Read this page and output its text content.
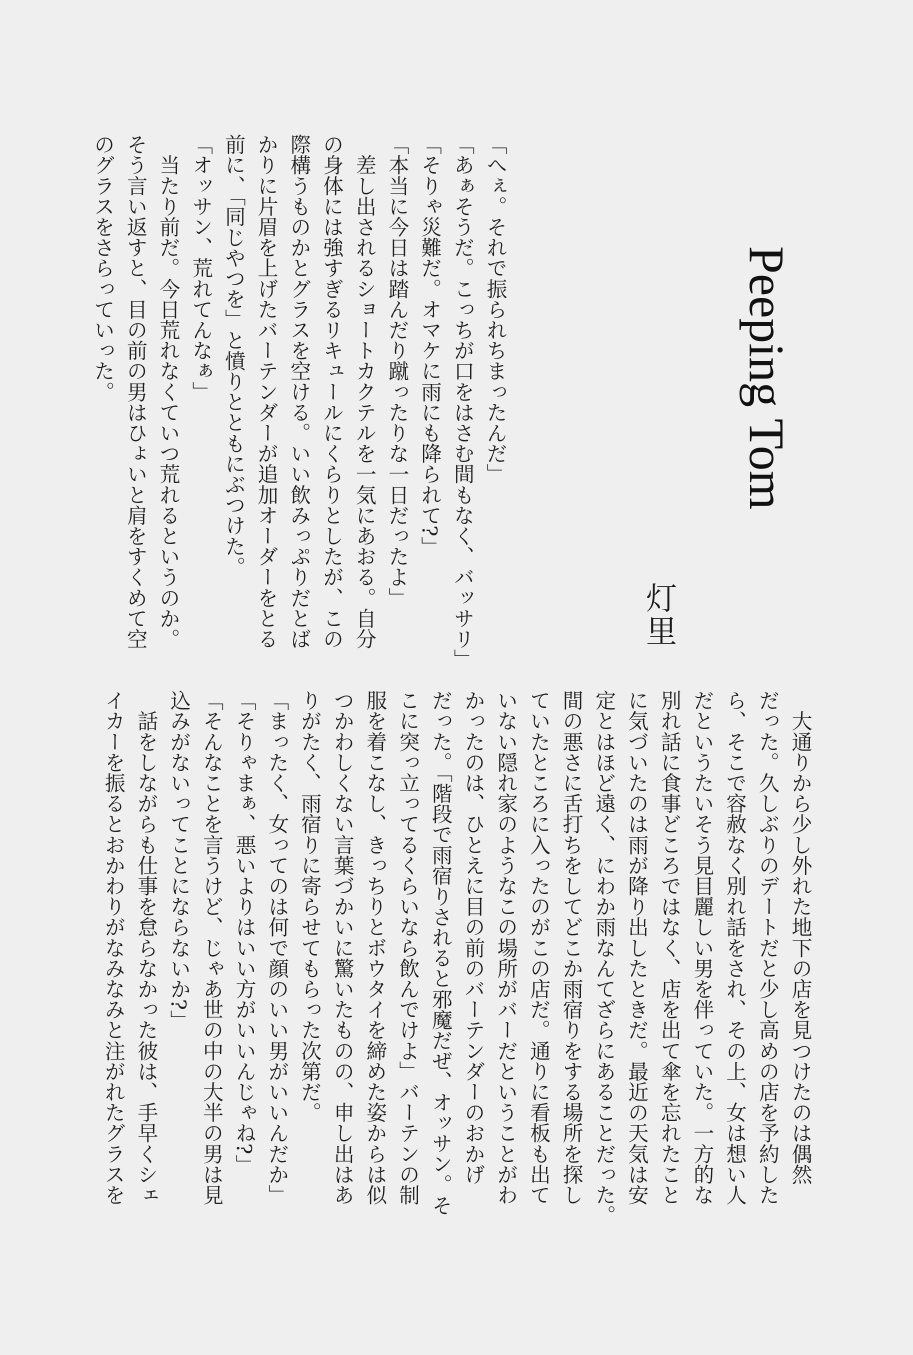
Peeping Tom
灯里
「へぇ。それで振られちまったんだ」
「あぁそうだ。こっちが口をはさむ間もなく、バッサリ」
「そりゃ災難だ。オマケに雨にも降られて?」
「本当に今日は踏んだり蹴ったりな一日だったよ」
　差し出されるショートカクテルを一気にあおる。自分
の身体には強すぎるリキュールにくらりとしたが、この
際構うものかとグラスを空ける。いい飲みっぷりだとば
かりに片眉を上げたバーテンダーが追加オーダーをとる
前に、「同じやつを」と憤りとともにぶつけた。
「オッサン、荒れてんなぁ」
　当たり前だ。今日荒れなくていつ荒れるというのか。
そう言い返すと、目の前の男はひょいと肩をすくめて空
のグラスをさらっていった。
　大通りから少し外れた地下の店を見つけたのは偶然
だった。久しぶりのデートだと少し高めの店を予約した
ら、そこで容赦なく別れ話をされ、その上、女は想い人
だというたいそう見目麗しい男を伴っていた。一方的な
別れ話に食事どころではなく、店を出て傘を忘れたこと
に気づいたのは雨が降り出したときだ。最近の天気は安
定とはほど遠く、にわか雨なんてざらにあることだった。
間の悪さに舌打ちをしてどこか雨宿りをする場所を探し
ていたところに入ったのがこの店だ。通りに看板も出て
いない隠れ家のようなこの場所がバーだということがわ
かったのは、ひとえに目の前のバーテンダーのおかげ
だった。「階段で雨宿りされると邪魔だぜ、オッサン。そ
こに突っ立ってるくらいなら飲んでけよ」バーテンの制
服を着こなし、きっちりとボウタイを締めた姿からは似
つかわしくない言葉づかいに驚いたものの、申し出はあ
りがたく、雨宿りに寄らせてもらった次第だ。
「まったく、女ってのは何で顔のいい男がいいんだか」
「そりゃまぁ、悪いよりはいい方がいいんじゃね?」
「そんなことを言うけど、じゃあ世の中の大半の男は見
込みがないってことにならないか?」
　話をしながらも仕事を怠らなかった彼は、手早くシェ
イカーを振るとおかわりがなみなみと注がれたグラスを
